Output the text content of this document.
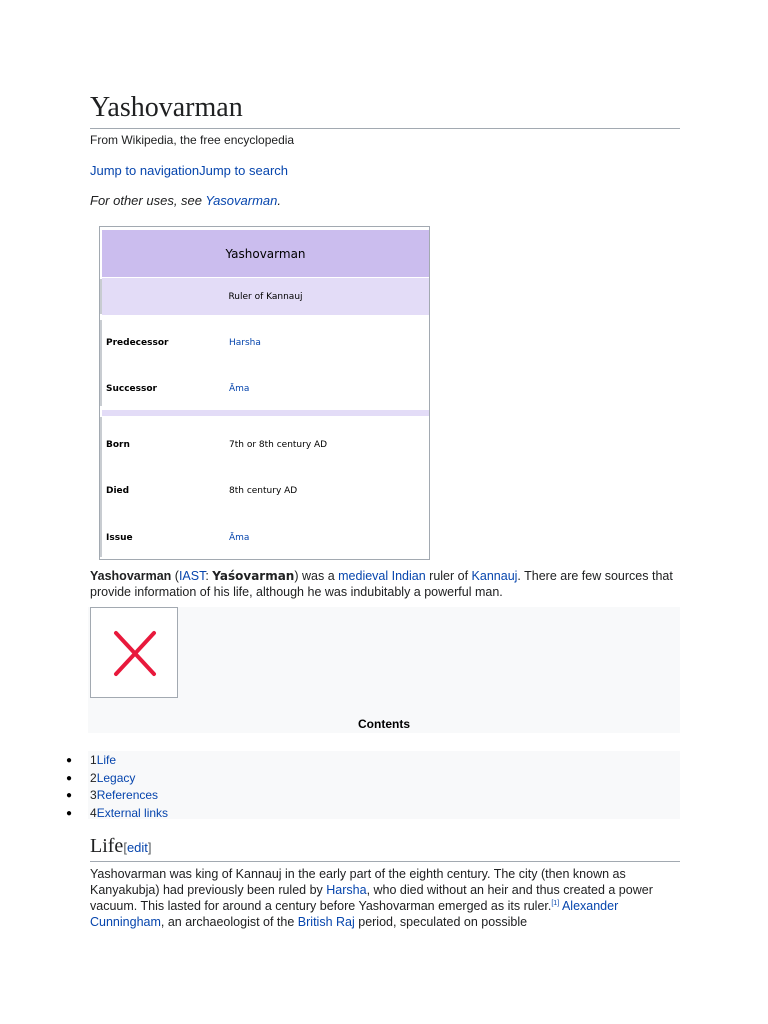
Yashovarman
From Wikipedia, the free encyclopedia
Jump to navigationJump to search
For other uses, see Yasovarman.
Yashovarman
Ruler of Kannauj
Predecessor	Harsha
Successor	Āma
Born	7th or 8th century AD
Died	8th century AD
Issue	Āma
Yashovarman (IAST: Yaśovarman) was a medieval Indian ruler of Kannauj. There are few sources that provide information of his life, although he was indubitably a powerful man.
Contents
● 1Life
● 2Legacy
● 3References
● 4External links
Life[edit]
Yashovarman was king of Kannauj in the early part of the eighth century. The city (then known as Kanyakubja) had previously been ruled by Harsha, who died without an heir and thus created a power vacuum. This lasted for around a century before Yashovarman emerged as its ruler.[1] Alexander Cunningham, an archaeologist of the British Raj period, speculated on possible
